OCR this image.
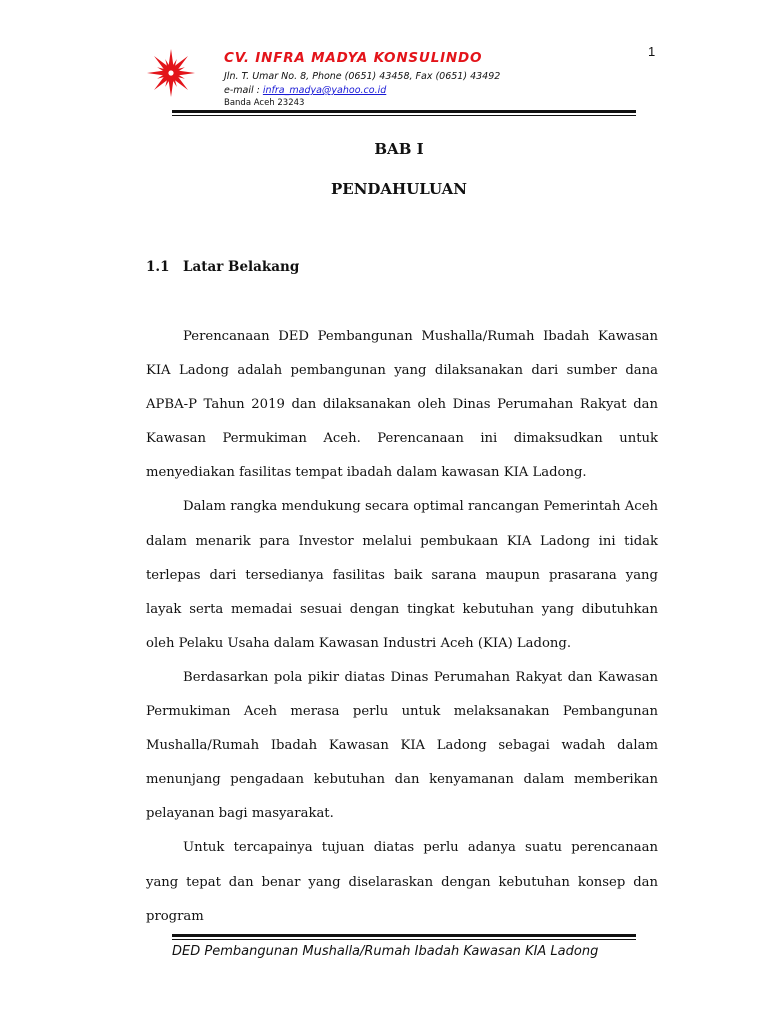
1
CV. INFRA MADYA KONSULINDO
Jln. T. Umar No. 8, Phone (0651) 43458, Fax (0651) 43492
e-mail : infra_madya@yahoo.co.id
Banda Aceh 23243
BAB I
PENDAHULUAN
1.1 Latar Belakang

Perencanaan DED Pembangunan Mushalla/Rumah Ibadah Kawasan KIA Ladong adalah pembangunan yang dilaksanakan dari sumber dana APBA-P Tahun 2019 dan dilaksanakan oleh Dinas Perumahan Rakyat dan Kawasan Permukiman Aceh. Perencanaan ini dimaksudkan untuk menyediakan fasilitas tempat ibadah dalam kawasan KIA Ladong.

Dalam rangka mendukung secara optimal rancangan Pemerintah Aceh dalam menarik para Investor melalui pembukaan KIA Ladong ini tidak terlepas dari tersedianya fasilitas baik sarana maupun prasarana yang layak serta memadai sesuai dengan tingkat kebutuhan yang dibutuhkan oleh Pelaku Usaha dalam Kawasan Industri Aceh (KIA) Ladong.

Berdasarkan pola pikir diatas Dinas Perumahan Rakyat dan Kawasan Permukiman Aceh merasa perlu untuk melaksanakan Pembangunan Mushalla/Rumah Ibadah Kawasan KIA Ladong sebagai wadah dalam menunjang pengadaan kebutuhan dan kenyamanan dalam memberikan pelayanan bagi masyarakat.

Untuk tercapainya tujuan diatas perlu adanya suatu perencanaan yang tepat dan benar yang diselaraskan dengan kebutuhan konsep dan program

DED Pembangunan Mushalla/Rumah Ibadah Kawasan KIA Ladong
